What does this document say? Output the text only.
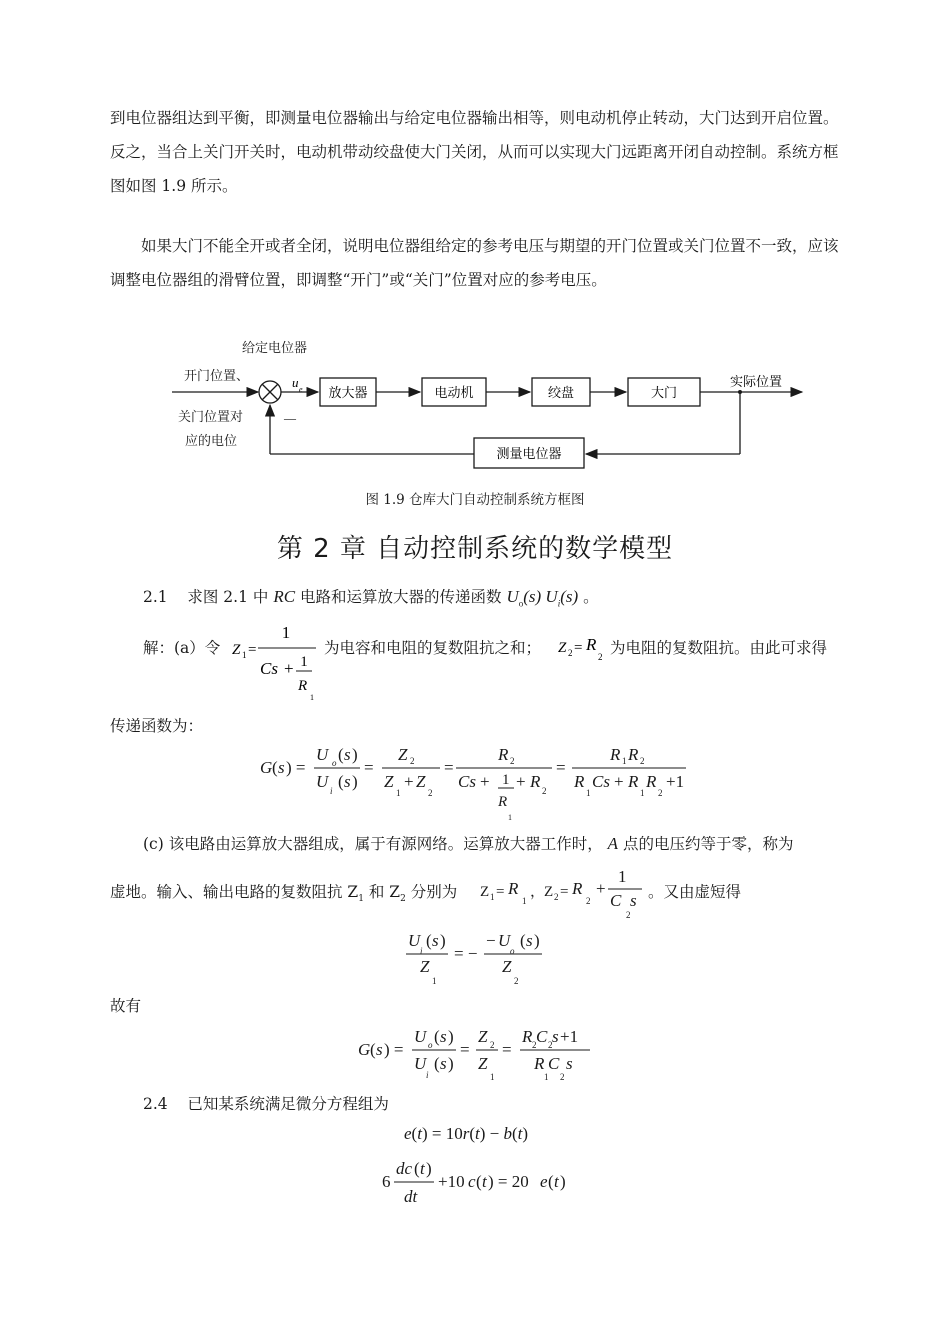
到电位器组达到平衡，即测量电位器输出与给定电位器输出相等，则电动机停止转动，大门达到开启位置。反之，当合上关门开关时，电动机带动绞盘使大门关闭，从而可以实现大门远距离开闭自动控制。系统方框图如图 1.9 所示。

如果大门不能全开或者全闭，说明电位器组给定的参考电压与期望的开门位置或关门位置不一致，应该调整电位器组的滑臂位置，即调整“开门”或“关门”位置对应的参考电压。

给定电位器
开门位置、
关门位置对
应的电位
u e
—
放大器	电动机	绞盘	大门
实际位置
测量电位器
图 1.9 仓库大门自动控制系统方框图
第 2 章 自动控制系统的数学模型
2.1 求图 2.1 中 RC 电路和运算放大器的传递函数 $U_o(s)$ $U_i(s)$ 。
解：(a）令 Z 1 =
1
Cs + 1
R
1
为电容和电阻的复数阻抗之和； Z 2 = R
2 为电阻的复数阻抗。由此可求得
传递函数为：
G ( s ) =
U o ( s )
U i ( s )
=
Z 2
Z
1
+ Z
2
=
R 2
Cs + 1
R
1
+ R 2
=
R 1 R 2
R
1
Cs + R
1
R
2
+1
(c) 该电路由运算放大器组成，属于有源网络。运算放大器工作时， A 点的电压约等于零，称为
虚地。输入、输出电路的复数阻抗 $Z_1$ 和 $Z_2$ 分别为 Z 1 = R
1
，
Z 2 = R
2
+
1
C
2
s 。又由虚短得
U
i
( s )
Z
1
= −
− U
o
( s )
Z
2
故有
G ( s ) =
U o ( s )
U
i
( s )
=
Z 2
Z
1
=
R 2 C 2 s +1
R
1
C
2
s
2.4 已知某系统满足微分方程组为
e(t) = 10r(t) − b(t)
6
dc ( t )
dt
+10 c ( t ) = 20 e ( t )
